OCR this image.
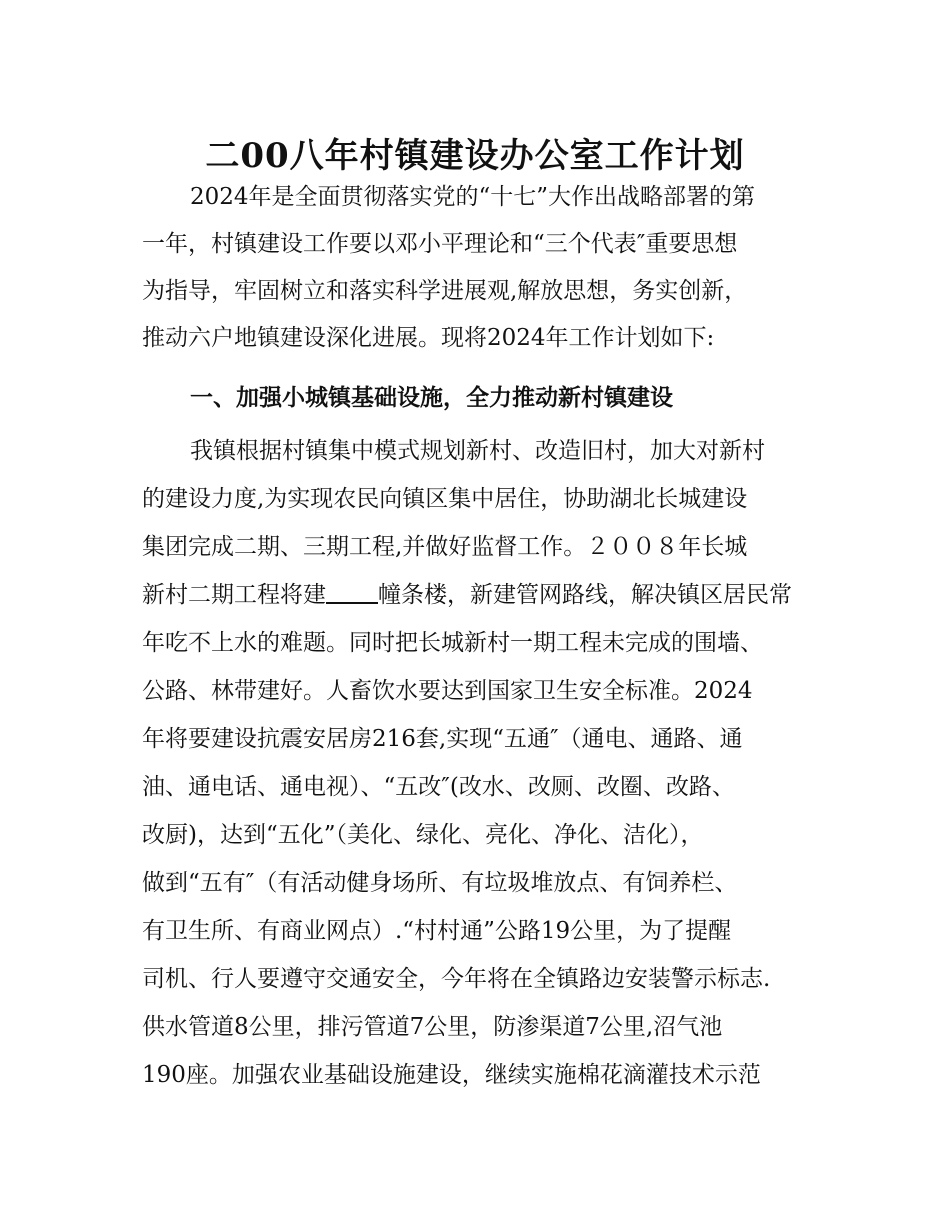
二00八年村镇建设办公室工作计划
2024年是全面贯彻落实党的“十七”大作出战略部署的第
一年，村镇建设工作要以邓小平理论和“三个代表″重要思想
为指导，牢固树立和落实科学进展观,解放思想，务实创新，
推动六户地镇建设深化进展。现将2024年工作计划如下:
一、加强小城镇基础设施，全力推动新村镇建设
我镇根据村镇集中模式规划新村、改造旧村，加大对新村
的建设力度,为实现农民向镇区集中居住，协助湖北长城建设
集团完成二期、三期工程,并做好监督工作。２００８年长城
新村二期工程将建 幢条楼，新建管网路线，解决镇区居民常
年吃不上水的难题。同时把长城新村一期工程未完成的围墙、
公路、林带建好。人畜饮水要达到国家卫生安全标准。2024
年将要建设抗震安居房216套,实现“五通″（通电、通路、通
油、通电话、通电视）、“五改″(改水、改厕、改圈、改路、
改厨)，达到“五化”（美化、绿化、亮化、净化、洁化），
做到“五有″（有活动健身场所、有垃圾堆放点、有饲养栏、
有卫生所、有商业网点）.“村村通”公路19公里，为了提醒
司机、行人要遵守交通安全，今年将在全镇路边安装警示标志.
供水管道8公里，排污管道7公里，防渗渠道7公里,沼气池
190座。加强农业基础设施建设，继续实施棉花滴灌技术示范
